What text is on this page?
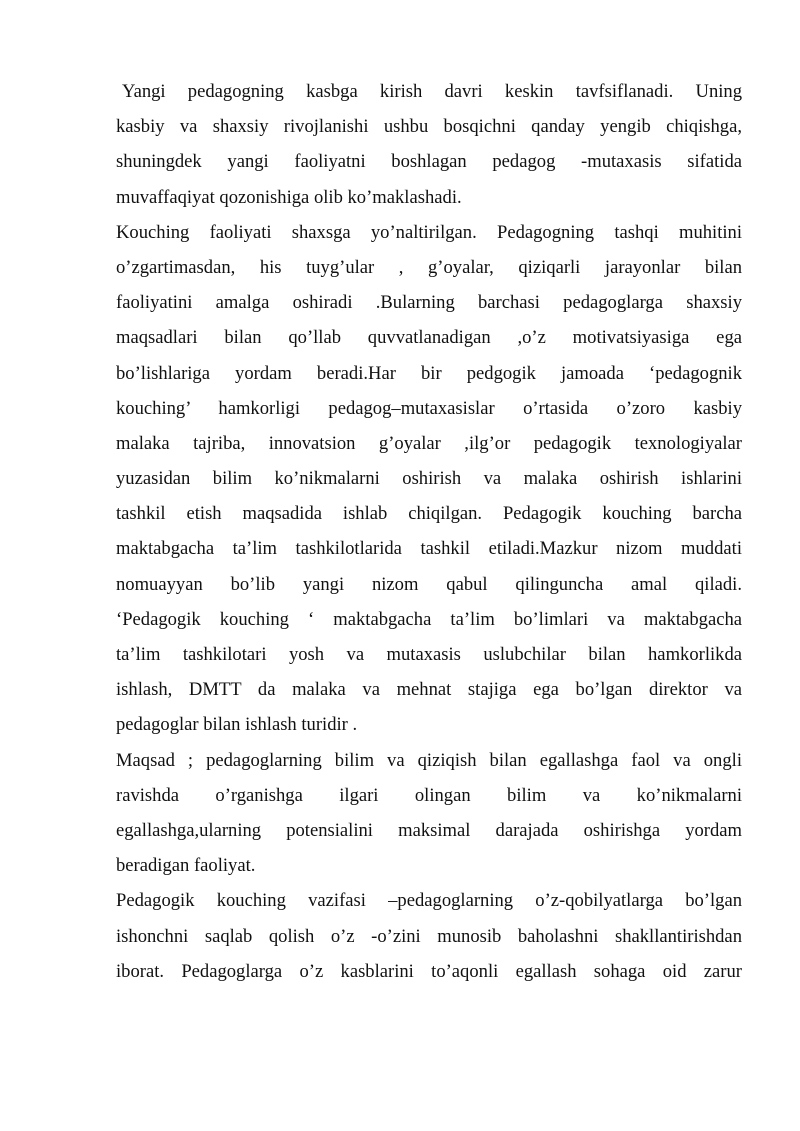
Yangi pedagogning kasbga kirish davri keskin tavfsiflanadi. Uning
kasbiy va shaxsiy rivojlanishi ushbu bosqichni qanday yengib chiqishga,
shuningdek yangi faoliyatni boshlagan pedagog -mutaxasis sifatida
muvaffaqiyat qozonishiga olib ko’maklashadi.
Kouching faoliyati shaxsga yo’naltirilgan. Pedagogning tashqi muhitini
o’zgartimasdan, his tuyg’ular , g’oyalar, qiziqarli jarayonlar bilan
faoliyatini amalga oshiradi .Bularning barchasi pedagoglarga shaxsiy
maqsadlari bilan qo’llab quvvatlanadigan ,o’z motivatsiyasiga ega
bo’lishlariga yordam beradi.Har bir pedgogik jamoada ‘pedagognik
kouching’ hamkorligi pedagog–mutaxasislar o’rtasida o’zoro kasbiy
malaka tajriba, innovatsion g’oyalar ,ilg’or pedagogik texnologiyalar
yuzasidan bilim ko’nikmalarni oshirish va malaka oshirish ishlarini
tashkil etish maqsadida ishlab chiqilgan. Pedagogik kouching barcha
maktabgacha ta’lim tashkilotlarida tashkil etiladi.Mazkur nizom muddati
nomuayyan bo’lib yangi nizom qabul qilinguncha amal qiladi.
‘Pedagogik kouching ‘ maktabgacha ta’lim bo’limlari va maktabgacha
ta’lim tashkilotari yosh va mutaxasis uslubchilar bilan hamkorlikda
ishlash, DMTT da malaka va mehnat stajiga ega bo’lgan direktor va
pedagoglar bilan ishlash turidir .
Maqsad ; pedagoglarning bilim va qiziqish bilan egallashga faol va ongli
ravishda o’rganishga ilgari olingan bilim va ko’nikmalarni
egallashga,ularning potensialini maksimal darajada oshirishga yordam
beradigan faoliyat.
Pedagogik kouching vazifasi –pedagoglarning o’z-qobilyatlarga bo’lgan
ishonchni saqlab qolish o’z -o’zini munosib baholashni shakllantirishdan
iborat. Pedagoglarga o’z kasblarini to’aqonli egallash sohaga oid zarur
